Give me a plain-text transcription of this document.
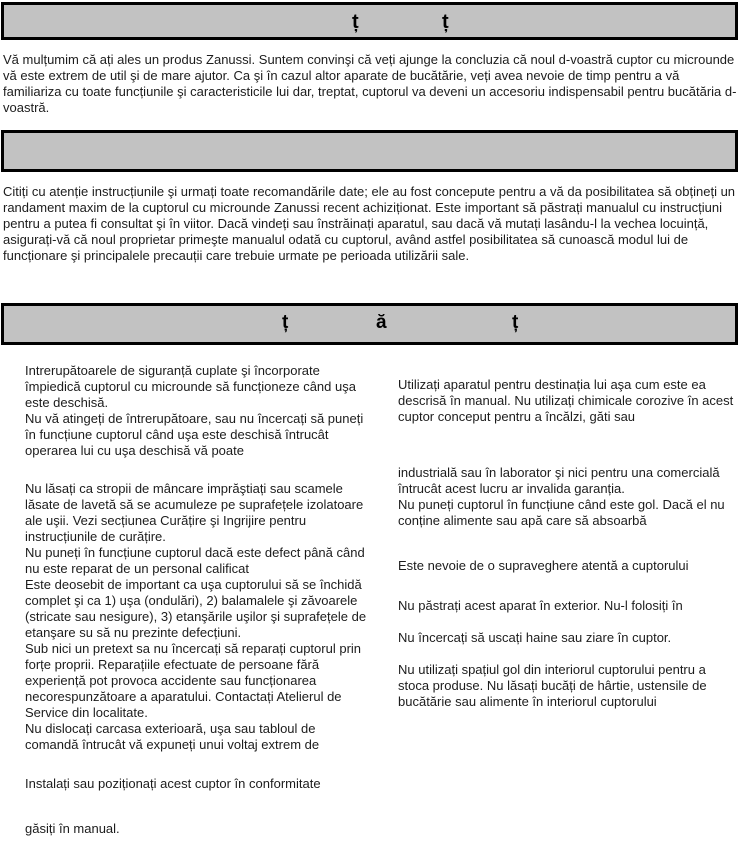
ț	ț
Vă mulțumim că ați ales un produs Zanussi. Suntem convinşi că veți ajunge la concluzia că noul d-voastră cuptor cu microunde vă este extrem de util şi de mare ajutor. Ca şi în cazul altor aparate de bucătărie, veți avea nevoie de timp pentru a vă familiariza cu toate funcțiunile şi caracteristicile lui dar, treptat, cuptorul va deveni un accesoriu indispensabil pentru bucătăria d-voastră.
Citiți cu atenție instrucțiunile şi urmați toate recomandările date; ele au fost concepute pentru a vă da posibilitatea să obțineți un randament maxim de la cuptorul cu microunde Zanussi recent achiziționat. Este important să păstrați manualul cu instrucțiuni pentru a putea fi consultat şi în viitor. Dacă vindeți sau înstrăinați aparatul, sau dacă vă mutați lasându-l la vechea locuință, asigurați-vă că noul proprietar primeşte manualul odată cu cuptorul, având astfel posibilitatea să cunoască modul lui de funcționare şi principalele precauții care trebuie urmate pe perioada utilizării sale.
ț	ă	ț

Intrerupătoarele de siguranță cuplate şi încorporate împiedică cuptorul cu microunde să funcționeze când uşa este deschisă.

Nu vă atingeți de întrerupătoare, sau nu încercați să puneți în funcțiune cuptorul când uşa este deschisă întrucât operarea lui cu uşa deschisă vă poate

Nu lăsați ca stropii de mâncare imprăştiați sau scamele lăsate de lavetă să se acumuleze pe suprafețele izolatoare ale uşii. Vezi secțiunea Curățire şi Ingrijire pentru instrucțiunile de curățire.

Nu puneți în funcțiune cuptorul dacă este defect până când nu este reparat de un personal calificat

Este deosebit de important ca uşa cuptorului să se închidă complet şi ca 1) uşa (ondulări), 2) balamalele şi zăvoarele (stricate sau nesigure), 3) etanşările uşilor şi suprafețele de etanşare su să nu prezinte defecțiuni.

Sub nici un pretext sa nu încercați să reparați cuptorul prin forțe proprii. Reparațiile efectuate de persoane fără experiență pot provoca accidente sau funcționarea necorespunzătoare a aparatului. Contactați Atelierul de Service din localitate.

Nu dislocați carcasa exterioară, uşa sau tabloul de comandă întrucât vă expuneți unui voltaj extrem de

Instalați sau poziționați acest cuptor în conformitate

găsiți în manual.

Utilizați aparatul pentru destinația lui aşa cum este ea descrisă în manual. Nu utilizați chimicale corozive în acest cuptor conceput pentru a încălzi, găti sau

industrială sau în laborator şi nici pentru una comercială întrucât acest lucru ar invalida garanția.

Nu puneți cuptorul în funcțiune când este gol. Dacă el nu conține alimente sau apă care să absoarbă

Este nevoie de o supraveghere atentă a cuptorului

Nu păstrați acest aparat în exterior. Nu-l folosiți în

Nu încercați să uscați haine sau ziare în cuptor.

Nu utilizați spațiul gol din interiorul cuptorului pentru a stoca produse. Nu lăsați bucăți de hârtie, ustensile de bucătărie sau alimente în interiorul cuptorului
